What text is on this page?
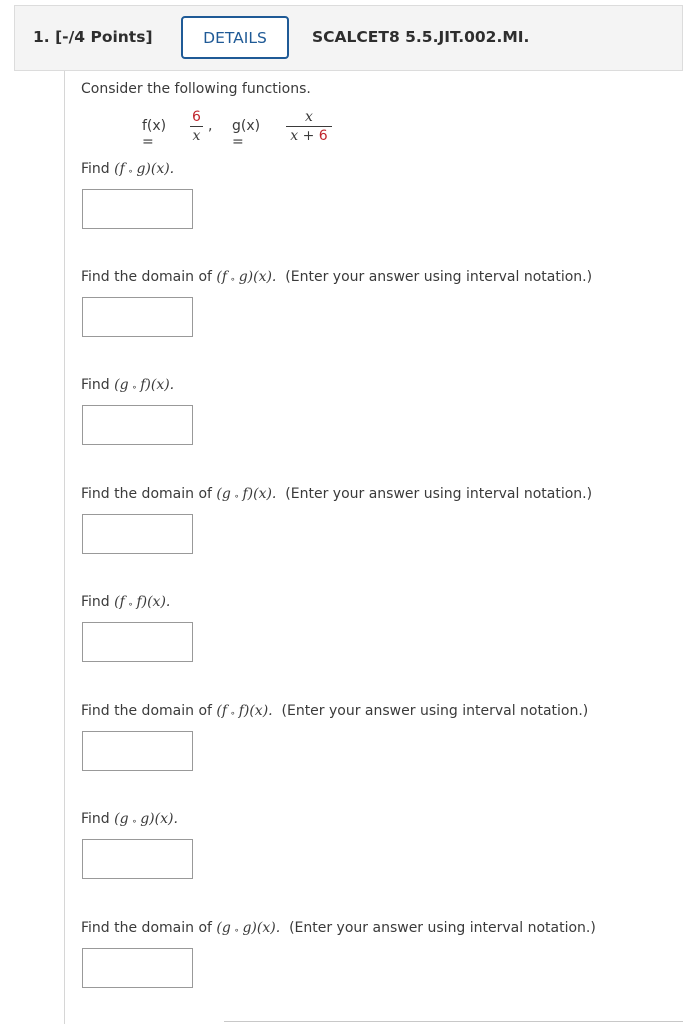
1. [-/4 Points]	DETAILS	SCALCET8 5.5.JIT.002.MI.
Consider the following functions.
f(x) =
6
x
, g(x) =
x
x + 6
Find (f ∘ g)(x).
Find the domain of (f ∘ g)(x).  (Enter your answer using interval notation.)
Find (g ∘ f)(x).
Find the domain of (g ∘ f)(x).  (Enter your answer using interval notation.)
Find (f ∘ f)(x).
Find the domain of (f ∘ f)(x).  (Enter your answer using interval notation.)
Find (g ∘ g)(x).
Find the domain of (g ∘ g)(x).  (Enter your answer using interval notation.)
